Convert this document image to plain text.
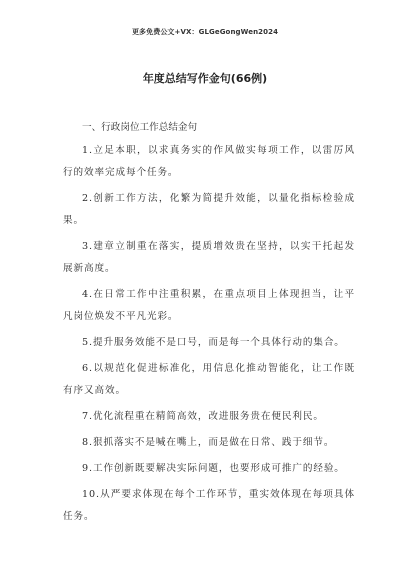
更多免费公文+VX：GLGeGongWen2024
年度总结写作金句(66例)

一、行政岗位工作总结金句

1.立足本职，以求真务实的作风做实每项工作，以雷厉风行的效率完成每个任务。

2.创新工作方法，化繁为简提升效能，以量化指标检验成果。

3.建章立制重在落实，提质增效贵在坚持，以实干托起发展新高度。

4.在日常工作中注重积累，在重点项目上体现担当，让平凡岗位焕发不平凡光彩。

5.提升服务效能不是口号，而是每一个具体行动的集合。

6.以规范化促进标准化，用信息化推动智能化，让工作既有序又高效。

7.优化流程重在精简高效，改进服务贵在便民利民。

8.狠抓落实不是喊在嘴上，而是做在日常、践于细节。

9.工作创新既要解决实际问题，也要形成可推广的经验。

10.从严要求体现在每个工作环节，重实效体现在每项具体任务。
